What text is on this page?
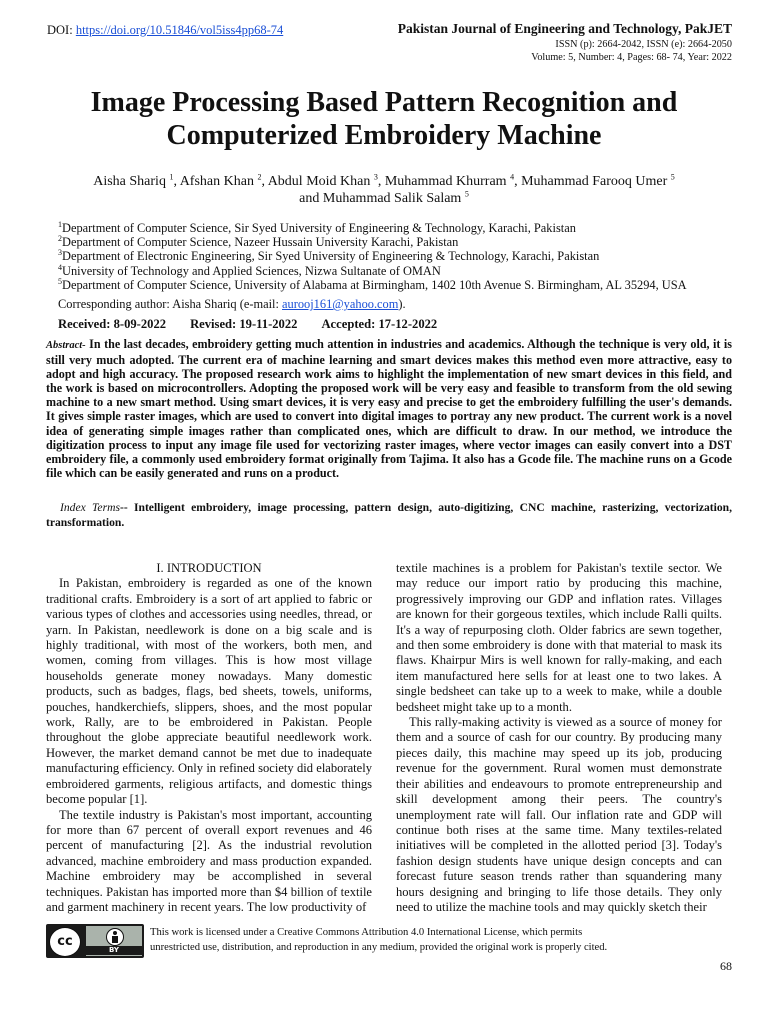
DOI: https://doi.org/10.51846/vol5iss4pp68-74	Pakistan Journal of Engineering and Technology, PakJET
ISSN (p): 2664-2042, ISSN (e): 2664-2050
Volume: 5, Number: 4, Pages: 68- 74, Year: 2022
Image Processing Based Pattern Recognition and
Computerized Embroidery Machine
Aisha Shariq $^1$, Afshan Khan $^2$, Abdul Moid Khan $^3$, Muhammad Khurram $^4$, Muhammad Farooq Umer $^5$
and Muhammad Salik Salam $^5$
$^1$Department of Computer Science, Sir Syed University of Engineering & Technology, Karachi, Pakistan
$^2$Department of Computer Science, Nazeer Hussain University Karachi, Pakistan
$^3$Department of Electronic Engineering, Sir Syed University of Engineering & Technology, Karachi, Pakistan
$^4$University of Technology and Applied Sciences, Nizwa Sultanate of OMAN
$^5$Department of Computer Science, University of Alabama at Birmingham, 1402 10th Avenue S. Birmingham, AL 35294, USA
Corresponding author: Aisha Shariq (e-mail: aurooj161@yahoo.com).
Received: 8-09-2022 Revised: 19-11-2022 Accepted: 17-12-2022
Abstract- In the last decades, embroidery getting much attention in industries and academics. Although the technique is very old, it is still very much adopted. The current era of machine learning and smart devices makes this method even more attractive, easy to adopt and high accuracy. The proposed research work aims to highlight the implementation of new smart devices in this field, and the work is based on microcontrollers. Adopting the proposed work will be very easy and feasible to transform from the old sewing machine to a new smart method. Using smart devices, it is very easy and precise to get the embroidery fulfilling the user's demands. It gives simple raster images, which are used to convert into digital images to portray any new product. The current work is a novel idea of generating simple images rather than complicated ones, which are difficult to draw. In our method, we introduce the digitization process to input any image file used for vectorizing raster images, where vector images can easily convert into a DST embroidery file, a commonly used embroidery format originally from Tajima. It also has a Gcode file. The machine runs on a Gcode file which can be easily generated and runs on a product.
Index Terms-- Intelligent embroidery, image processing, pattern design, auto-digitizing, CNC machine, rasterizing, vectorization, transformation.

I. INTRODUCTION

In Pakistan, embroidery is regarded as one of the known traditional crafts. Embroidery is a sort of art applied to fabric or various types of clothes and accessories using needles, thread, or yarn. In Pakistan, needlework is done on a big scale and is highly traditional, with most of the workers, both men, and women, coming from villages. This is how most village households generate money nowadays. Many domestic products, such as badges, flags, bed sheets, towels, uniforms, pouches, handkerchiefs, slippers, shoes, and the most popular work, Rally, are to be embroidered in Pakistan. People throughout the globe appreciate beautiful needlework work. However, the market demand cannot be met due to inadequate manufacturing efficiency. Only in refined society did elaborately embroidered garments, religious artifacts, and domestic things become popular [1].

The textile industry is Pakistan's most important, accounting for more than 67 percent of overall export revenues and 46 percent of manufacturing [2]. As the industrial revolution advanced, machine embroidery and mass production expanded. Machine embroidery may be accomplished in several techniques. Pakistan has imported more than $4 billion of textile and garment machinery in recent years. The low productivity of

textile machines is a problem for Pakistan's textile sector. We may reduce our import ratio by producing this machine, progressively improving our GDP and inflation rates. Villages are known for their gorgeous textiles, which include Ralli quilts. It's a way of repurposing cloth. Older fabrics are sewn together, and then some embroidery is done with that material to mask its flaws. Khairpur Mirs is well known for rally-making, and each item manufactured here sells for at least one to two lakes. A single bedsheet can take up to a week to make, while a double bedsheet might take up to a month.

This rally-making activity is viewed as a source of money for them and a source of cash for our country. By producing many pieces daily, this machine may speed up its job, producing revenue for the government. Rural women must demonstrate their abilities and endeavours to promote entrepreneurship and skill development among their peers. The country's unemployment rate will fall. Our inflation rate and GDP will continue both rises at the same time. Many textiles-related initiatives will be completed in the allotted period [3]. Today's fashion design students have unique design concepts and can forecast future season trends rather than squandering many hours designing and bringing to life those details. They only need to utilize the machine tools and may quickly sketch their

cc
BY
This work is licensed under a Creative Commons Attribution 4.0 International License, which permits
unrestricted use, distribution, and reproduction in any medium, provided the original work is properly cited.
68
